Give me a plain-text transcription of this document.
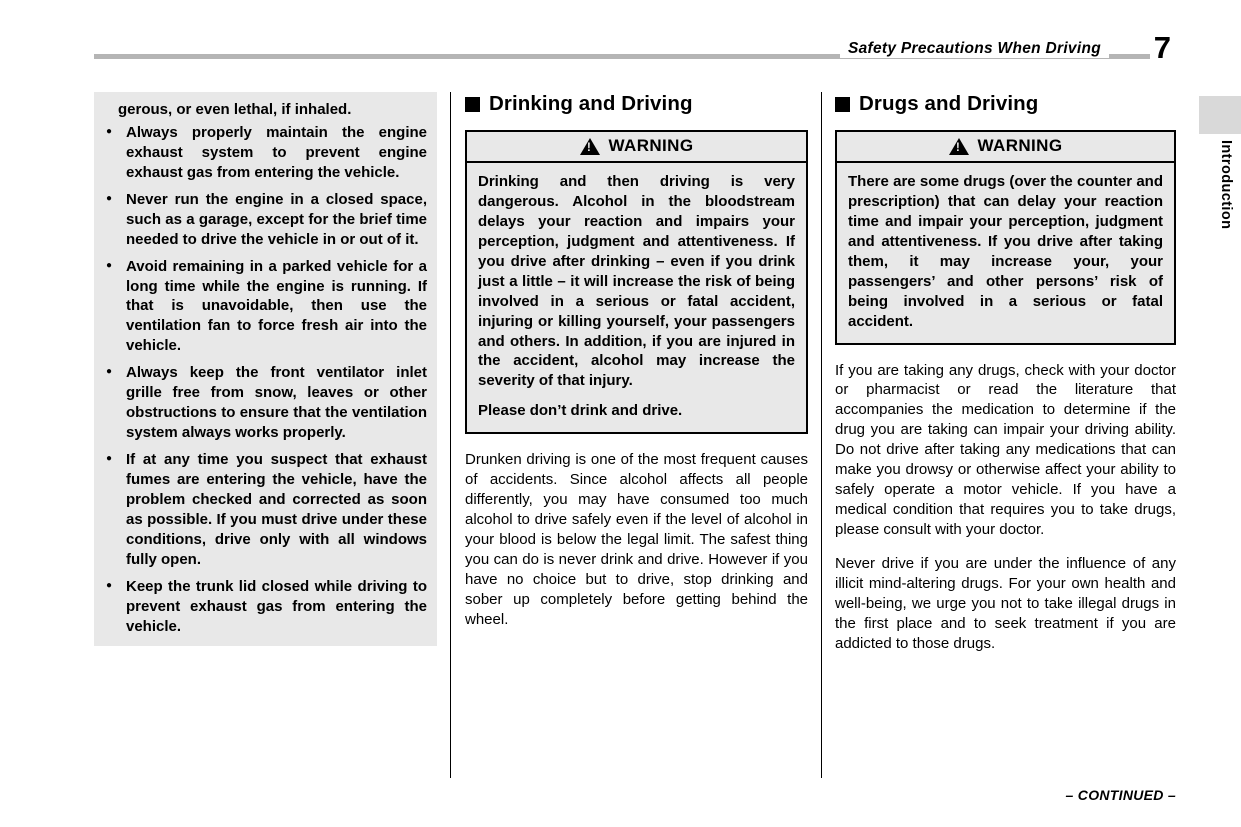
Safety Precautions When Driving 7
Introduction

gerous, or even lethal, if inhaled.

● Always properly maintain the engine exhaust system to prevent engine exhaust gas from entering the vehicle.
● Never run the engine in a closed space, such as a garage, except for the brief time needed to drive the vehicle in or out of it.
● Avoid remaining in a parked vehicle for a long time while the engine is running. If that is unavoidable, then use the ventilation fan to force fresh air into the vehicle.
● Always keep the front ventilator inlet grille free from snow, leaves or other obstructions to ensure that the ventilation system always works properly.
● If at any time you suspect that exhaust fumes are entering the vehicle, have the problem checked and corrected as soon as possible. If you must drive under these conditions, drive only with all windows fully open.
● Keep the trunk lid closed while driving to prevent exhaust gas from entering the vehicle.
Drinking and Driving
!
WARNING

Drinking and then driving is very dangerous. Alcohol in the bloodstream delays your reaction and impairs your perception, judgment and attentiveness. If you drive after drinking – even if you drink just a little – it will increase the risk of being involved in a serious or fatal accident, injuring or killing yourself, your passengers and others. In addition, if you are injured in the accident, alcohol may increase the severity of that injury.

Please don’t drink and drive.

Drunken driving is one of the most frequent causes of accidents. Since alcohol affects all people differently, you may have consumed too much alcohol to drive safely even if the level of alcohol in your blood is below the legal limit. The safest thing you can do is never drink and drive. However if you have no choice but to drive, stop drinking and sober up completely before getting behind the wheel.

Drugs and Driving
!
WARNING

There are some drugs (over the counter and prescription) that can delay your reaction time and impair your perception, judgment and attentiveness. If you drive after taking them, it may increase your, your passengers’ and other persons’ risk of being involved in a serious or fatal accident.

If you are taking any drugs, check with your doctor or pharmacist or read the literature that accompanies the medication to determine if the drug you are taking can impair your driving ability. Do not drive after taking any medications that can make you drowsy or otherwise affect your ability to safely operate a motor vehicle. If you have a medical condition that requires you to take drugs, please consult with your doctor.

Never drive if you are under the influence of any illicit mind-altering drugs. For your own health and well-being, we urge you not to take illegal drugs in the first place and to seek treatment if you are addicted to those drugs.

– CONTINUED –
